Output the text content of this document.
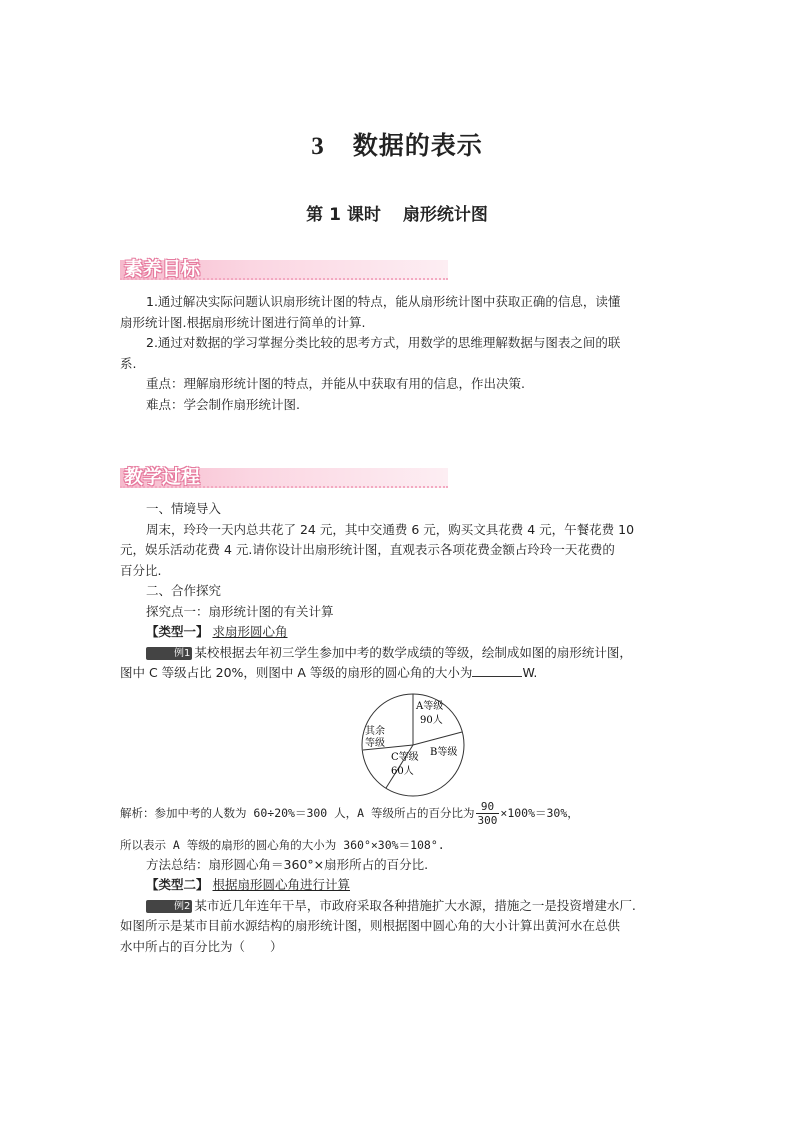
3 数据的表示
第 1 课时 扇形统计图
素养目标
1.通过解决实际问题认识扇形统计图的特点，能从扇形统计图中获取正确的信息，读懂
扇形统计图.根据扇形统计图进行简单的计算.
2.通过对数据的学习掌握分类比较的思考方式，用数学的思维理解数据与图表之间的联
系.
重点：理解扇形统计图的特点，并能从中获取有用的信息，作出决策.
难点：学会制作扇形统计图.
教学过程
一、情境导入
周末，玲玲一天内总共花了 24 元，其中交通费 6 元，购买文具花费 4 元，午餐花费 10
元，娱乐活动花费 4 元.请你设计出扇形统计图，直观表示各项花费金额占玲玲一天花费的
百分比.
二、合作探究
探究点一：扇形统计图的有关计算
【类型一】 求扇形圆心角
例1 某校根据去年初三学生参加中考的数学成绩的等级，绘制成如图的扇形统计图，
图中 C 等级占比 20%，则图中 A 等级的扇形的圆心角的大小为	W.
A等级
90人
B等级
C等级
60人
其余
等级
解析：参加中考的人数为 60÷20%＝300 人，A 等级所占的百分比为 $\frac{90}{300} \times 100\%=30\%$，
所以表示 A 等级的扇形的圆心角的大小为 360°×30%＝108°.
方法总结：扇形圆心角＝360°×扇形所占的百分比.
【类型二】 根据扇形圆心角进行计算
例2 某市近几年连年干旱，市政府采取各种措施扩大水源，措施之一是投资增建水厂.
如图所示是某市目前水源结构的扇形统计图，则根据图中圆心角的大小计算出黄河水在总供
水中所占的百分比为（　　）
